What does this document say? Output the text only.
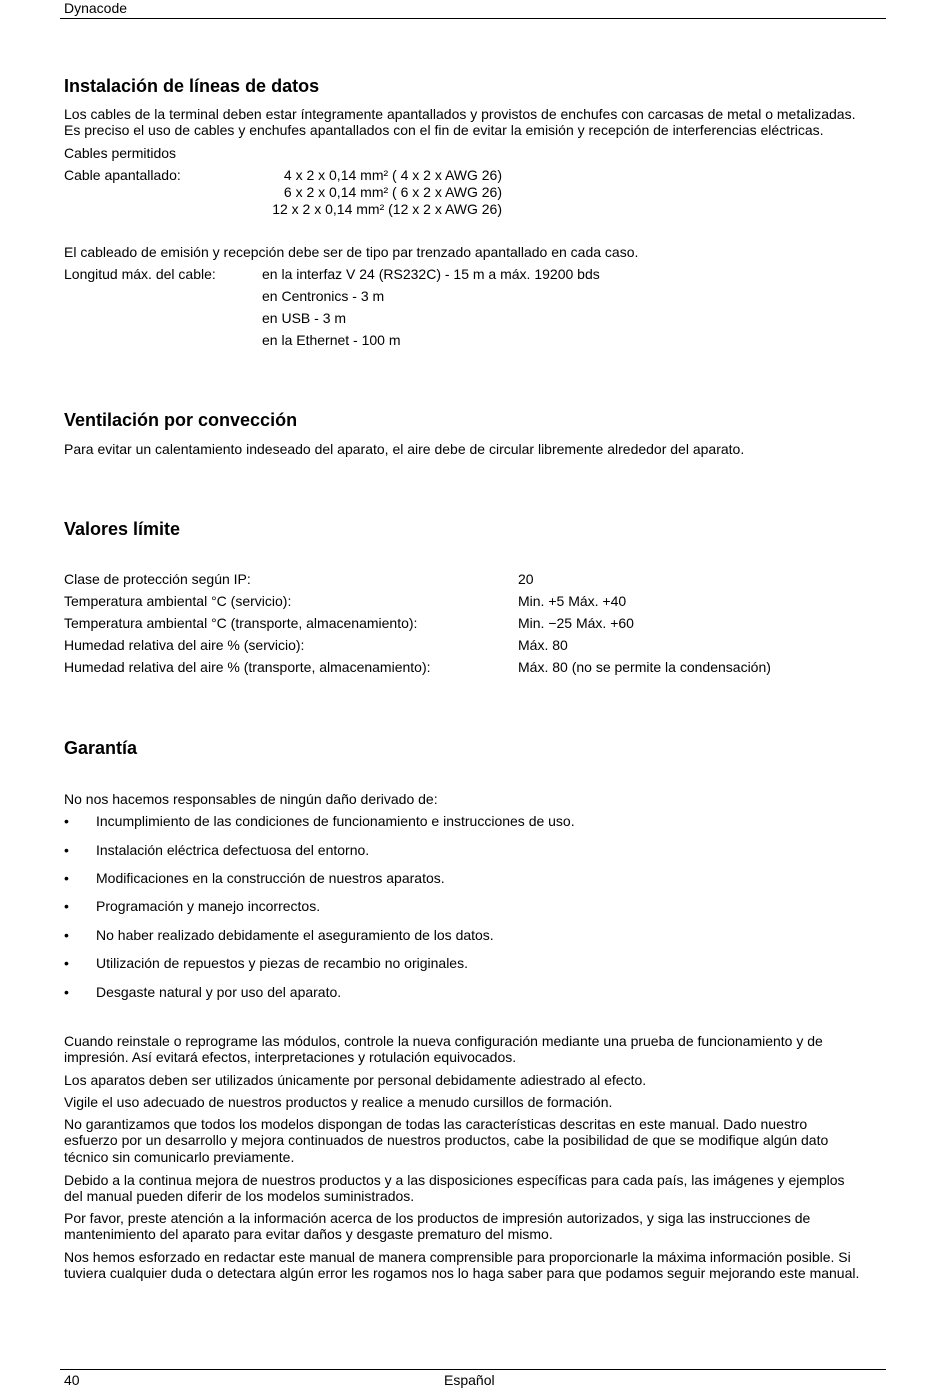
Dynacode
Instalación de líneas de datos
Los cables de la terminal deben estar íntegramente apantallados y provistos de enchufes con carcasas de metal o metalizadas.
Es preciso el uso de cables y enchufes apantallados con el fin de evitar la emisión y recepción de interferencias eléctricas.
Cables permitidos
Cable apantallado:	4 x 2 x 0,14 mm² ( 4 x 2 x AWG 26)
6 x 2 x 0,14 mm² ( 6 x 2 x AWG 26)
12 x 2 x 0,14 mm² (12 x 2 x AWG 26)
El cableado de emisión y recepción debe ser de tipo par trenzado apantallado en cada caso.
Longitud máx. del cable:	en la interfaz V 24 (RS232C) - 15 m a máx. 19200 bds
en Centronics - 3 m
en USB - 3 m
en la Ethernet - 100 m
Ventilación por convección
Para evitar un calentamiento indeseado del aparato, el aire debe de circular libremente alrededor del aparato.
Valores límite
Clase de protección según IP:	20
Temperatura ambiental °C (servicio):	Min. +5 Máx. +40
Temperatura ambiental °C (transporte, almacenamiento):	Min. −25 Máx. +60
Humedad relativa del aire % (servicio):	Máx. 80
Humedad relativa del aire % (transporte, almacenamiento):	Máx. 80 (no se permite la condensación)
Garantía
No nos hacemos responsables de ningún daño derivado de:
• Incumplimiento de las condiciones de funcionamiento e instrucciones de uso.
• Instalación eléctrica defectuosa del entorno.
• Modificaciones en la construcción de nuestros aparatos.
• Programación y manejo incorrectos.
• No haber realizado debidamente el aseguramiento de los datos.
• Utilización de repuestos y piezas de recambio no originales.
• Desgaste natural y por uso del aparato.
Cuando reinstale o reprograme las módulos, controle la nueva configuración mediante una prueba de funcionamiento y de
impresión. Así evitará efectos, interpretaciones y rotulación equivocados.
Los aparatos deben ser utilizados únicamente por personal debidamente adiestrado al efecto.
Vigile el uso adecuado de nuestros productos y realice a menudo cursillos de formación.
No garantizamos que todos los modelos dispongan de todas las características descritas en este manual. Dado nuestro
esfuerzo por un desarrollo y mejora continuados de nuestros productos, cabe la posibilidad de que se modifique algún dato
técnico sin comunicarlo previamente.
Debido a la continua mejora de nuestros productos y a las disposiciones específicas para cada país, las imágenes y ejemplos
del manual pueden diferir de los modelos suministrados.
Por favor, preste atención a la información acerca de los productos de impresión autorizados, y siga las instrucciones de
mantenimiento del aparato para evitar daños y desgaste prematuro del mismo.
Nos hemos esforzado en redactar este manual de manera comprensible para proporcionarle la máxima información posible. Si
tuviera cualquier duda o detectara algún error les rogamos nos lo haga saber para que podamos seguir mejorando este manual.
40	Español
